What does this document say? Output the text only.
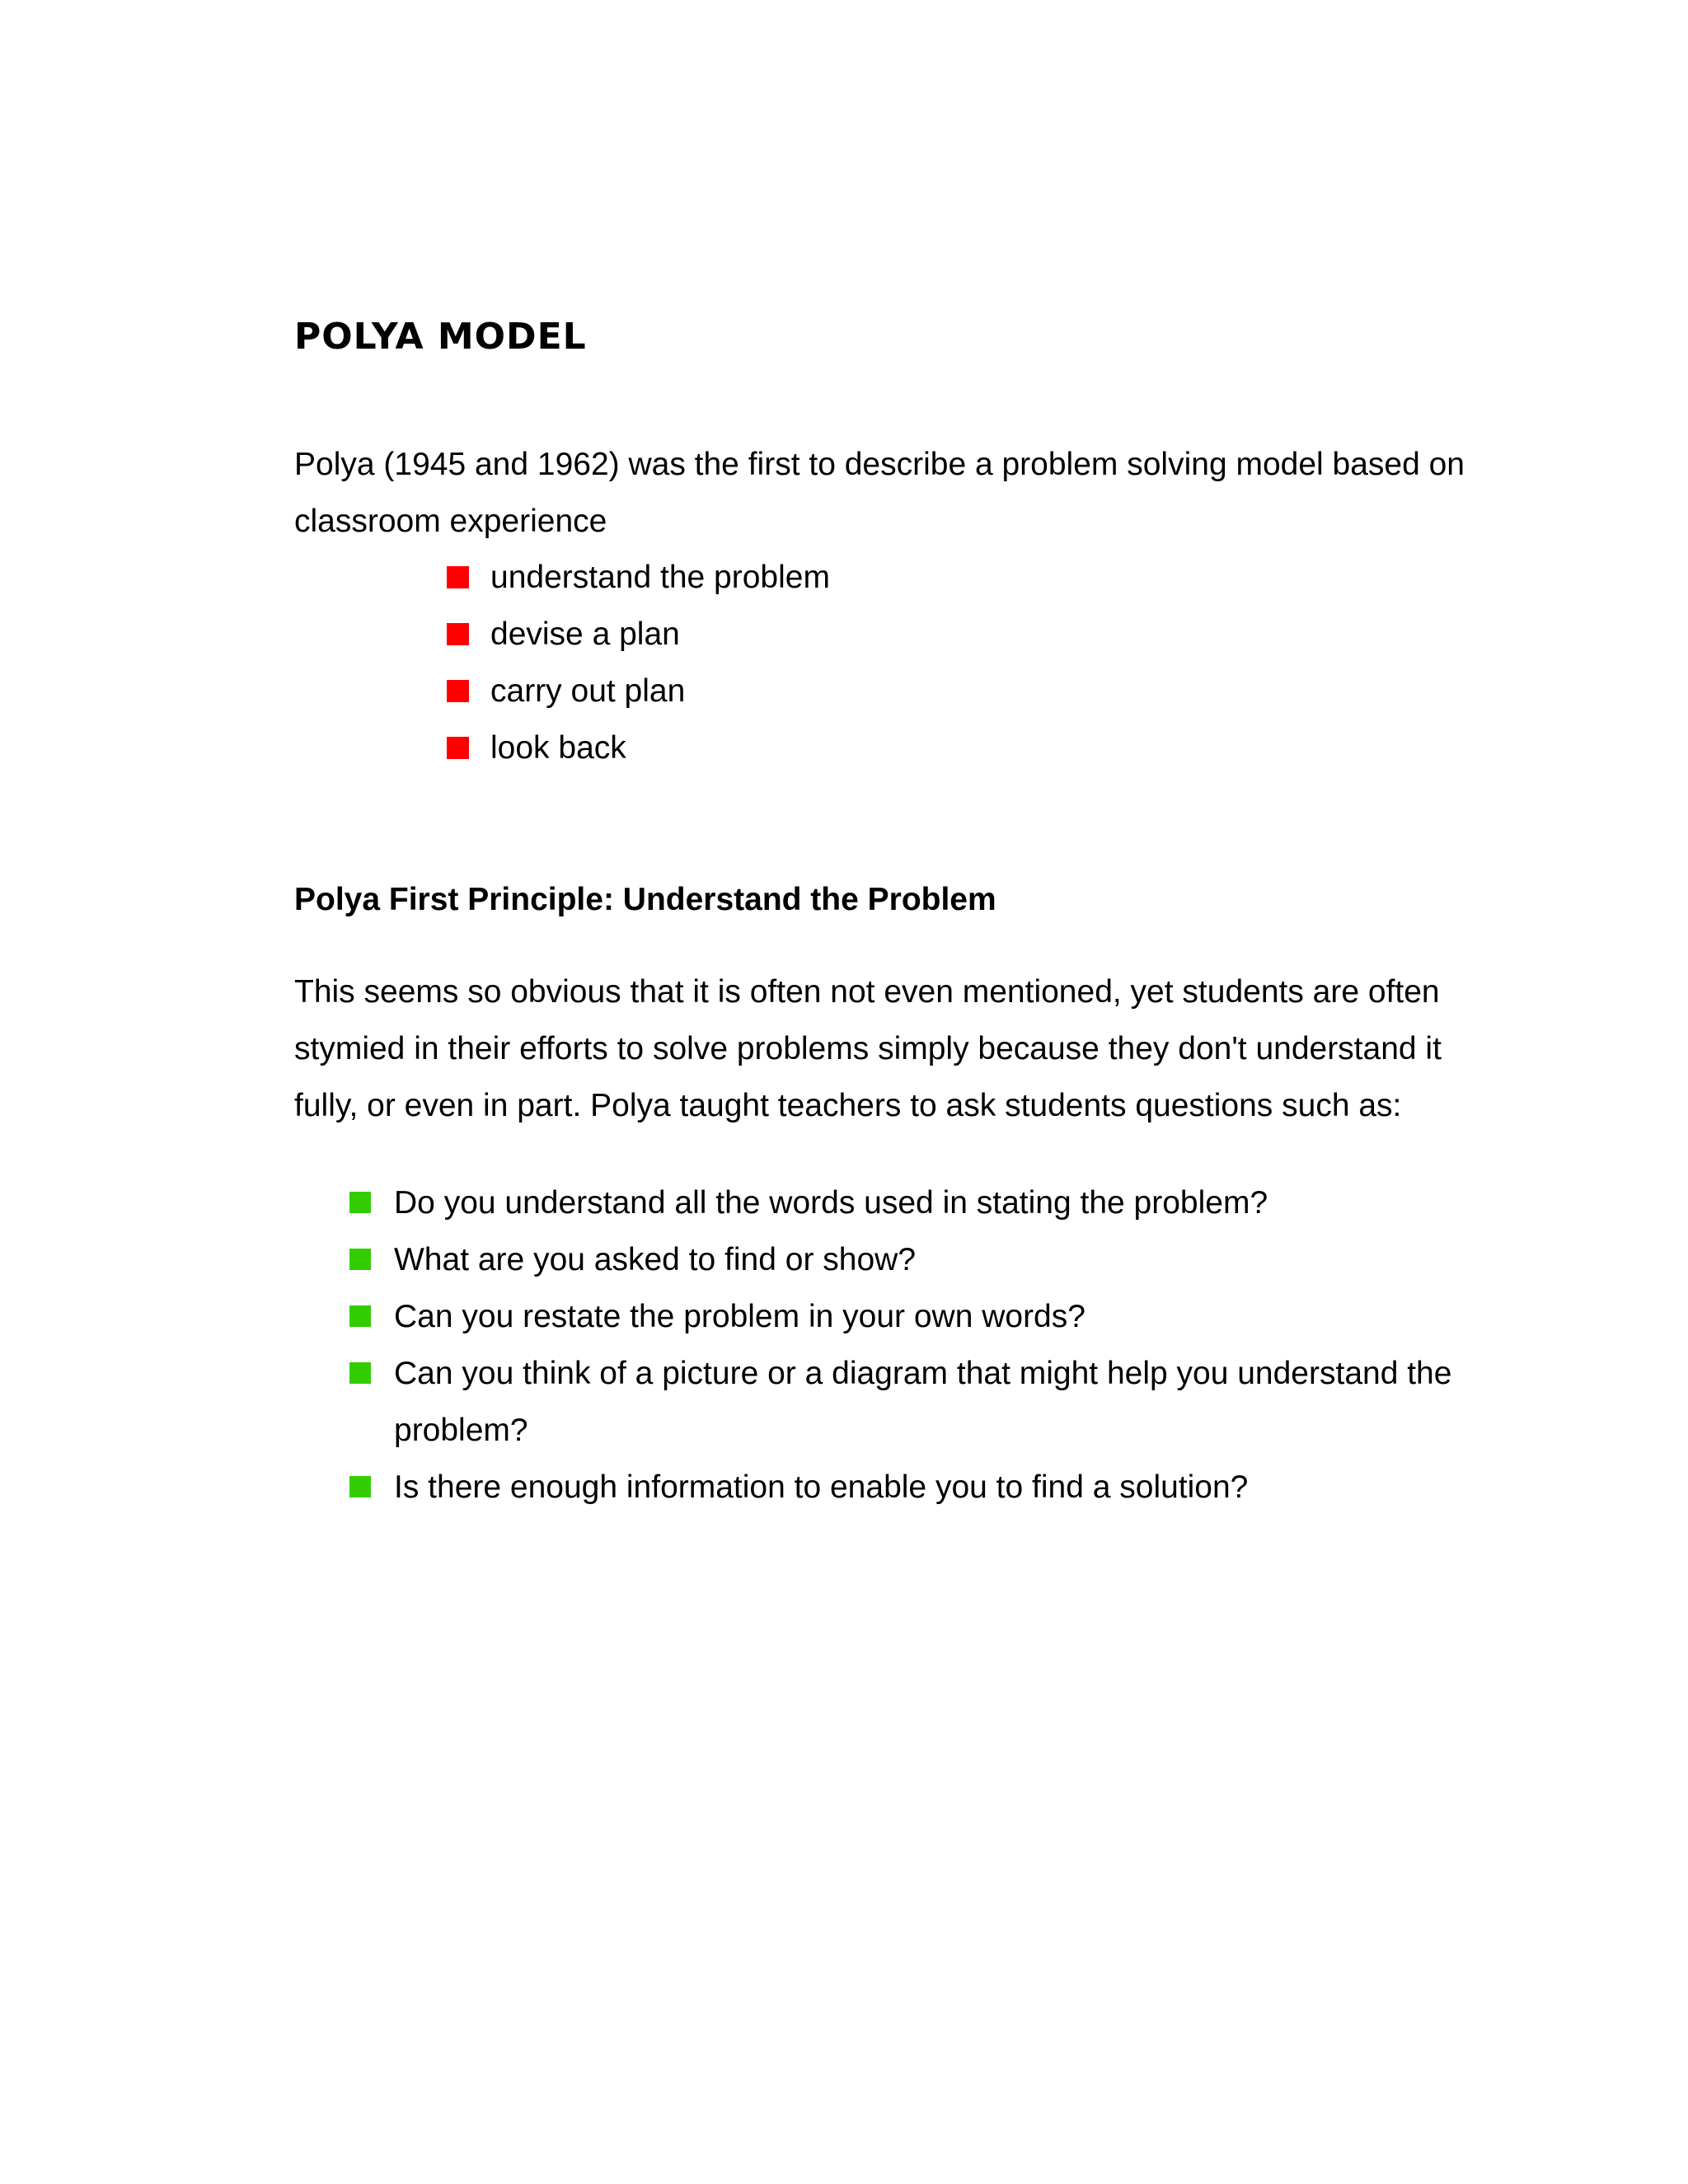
POLYA MODEL

Polya (1945 and 1962) was the first to describe a problem solving model based on classroom experience

understand the problem
devise a plan
carry out plan
look back
Polya First Principle: Understand the Problem

This seems so obvious that it is often not even mentioned, yet students are often stymied in their efforts to solve problems simply because they don't understand it fully, or even in part. Polya taught teachers to ask students questions such as:

Do you understand all the words used in stating the problem?
What are you asked to find or show?
Can you restate the problem in your own words?
Can you think of a picture or a diagram that might help you understand the problem?
Is there enough information to enable you to find a solution?
